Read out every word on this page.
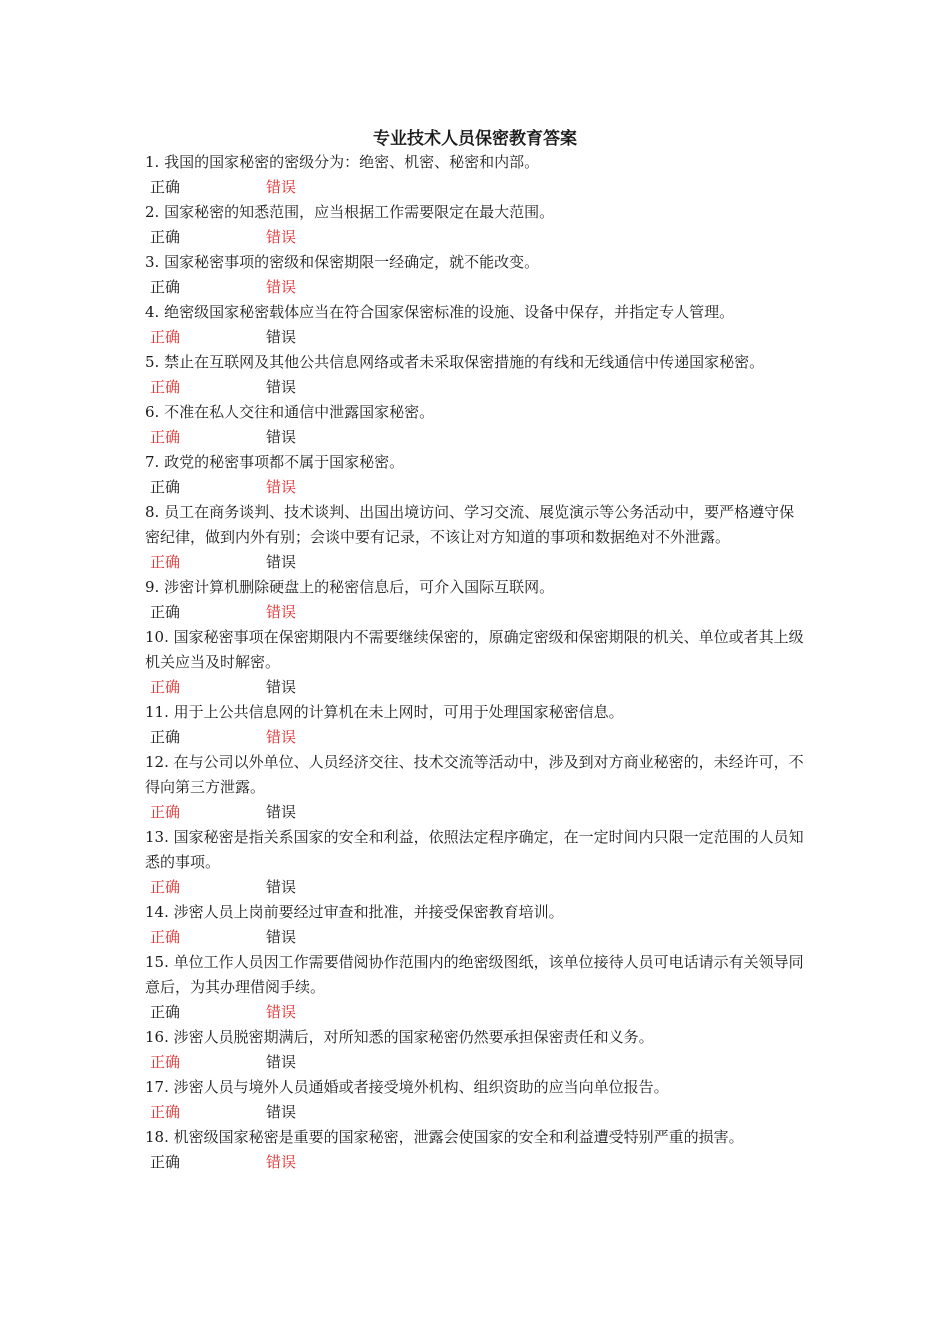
专业技术人员保密教育答案

1. 我国的国家秘密的密级分为：绝密、机密、秘密和内部。

正确	错误

2. 国家秘密的知悉范围，应当根据工作需要限定在最大范围。

正确	错误

3. 国家秘密事项的密级和保密期限一经确定，就不能改变。

正确	错误

4. 绝密级国家秘密载体应当在符合国家保密标准的设施、设备中保存，并指定专人管理。

正确	错误

5. 禁止在互联网及其他公共信息网络或者未采取保密措施的有线和无线通信中传递国家秘密。

正确	错误

6. 不准在私人交往和通信中泄露国家秘密。

正确	错误

7. 政党的秘密事项都不属于国家秘密。

正确	错误

8. 员工在商务谈判、技术谈判、出国出境访问、学习交流、展览演示等公务活动中，要严格遵守保密纪律，做到内外有别；会谈中要有记录，不该让对方知道的事项和数据绝对不外泄露。

正确	错误

9. 涉密计算机删除硬盘上的秘密信息后，可介入国际互联网。

正确	错误

10. 国家秘密事项在保密期限内不需要继续保密的，原确定密级和保密期限的机关、单位或者其上级机关应当及时解密。

正确	错误

11. 用于上公共信息网的计算机在未上网时，可用于处理国家秘密信息。

正确	错误

12. 在与公司以外单位、人员经济交往、技术交流等活动中，涉及到对方商业秘密的，未经许可，不得向第三方泄露。

正确	错误

13. 国家秘密是指关系国家的安全和利益，依照法定程序确定，在一定时间内只限一定范围的人员知悉的事项。

正确	错误

14. 涉密人员上岗前要经过审查和批准，并接受保密教育培训。

正确	错误

15. 单位工作人员因工作需要借阅协作范围内的绝密级图纸，该单位接待人员可电话请示有关领导同意后，为其办理借阅手续。

正确	错误

16. 涉密人员脱密期满后，对所知悉的国家秘密仍然要承担保密责任和义务。

正确	错误

17. 涉密人员与境外人员通婚或者接受境外机构、组织资助的应当向单位报告。

正确	错误

18. 机密级国家秘密是重要的国家秘密，泄露会使国家的安全和利益遭受特别严重的损害。

正确	错误
